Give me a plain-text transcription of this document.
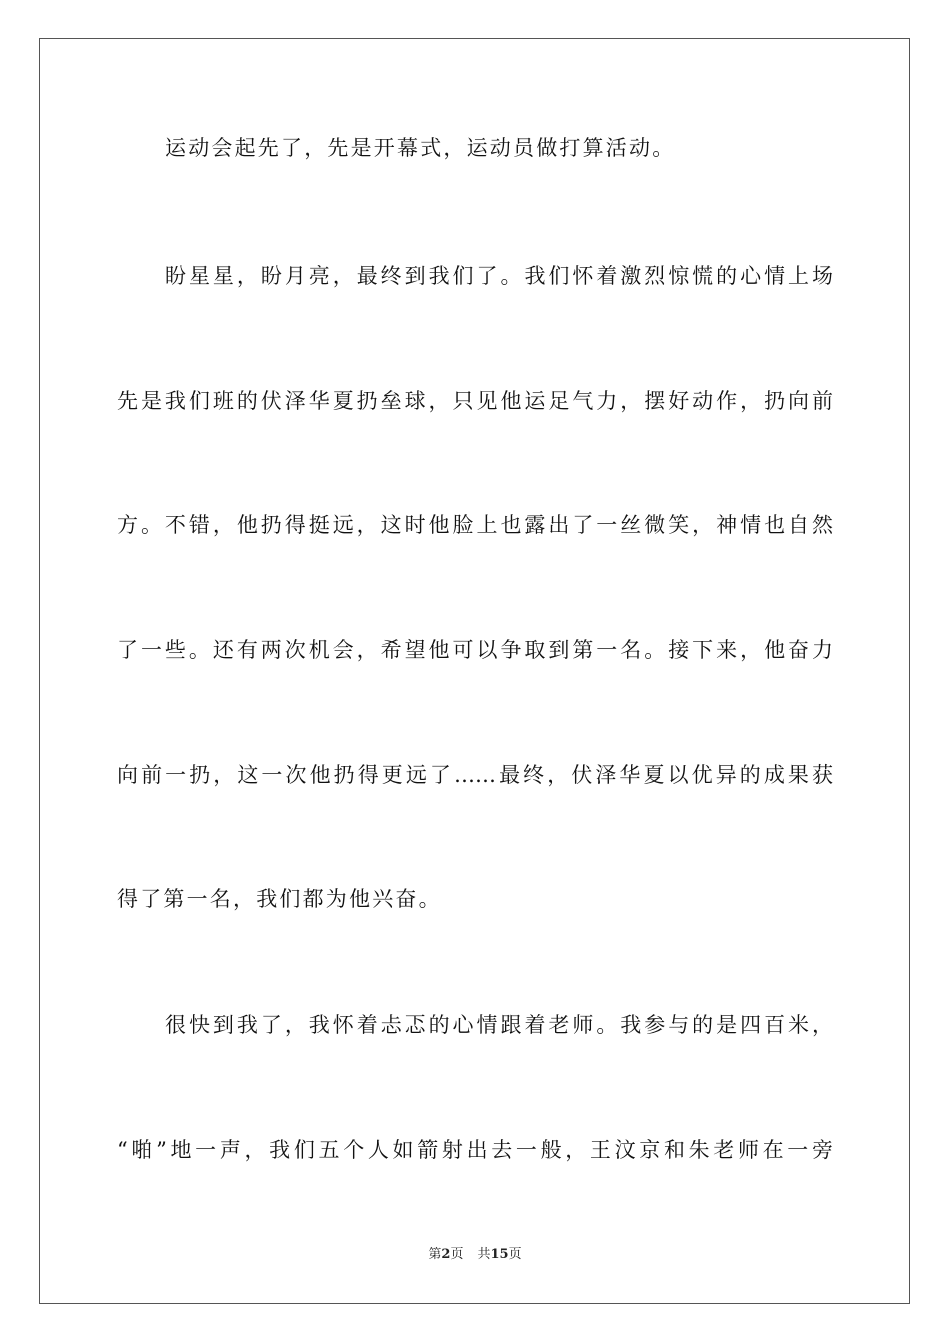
运动会起先了，先是开幕式，运动员做打算活动。
盼星星，盼月亮，最终到我们了。我们怀着激烈惊慌的心情上场
先是我们班的伏泽华夏扔垒球，只见他运足气力，摆好动作，扔向前
方。不错，他扔得挺远，这时他脸上也露出了一丝微笑，神情也自然
了一些。还有两次机会，希望他可以争取到第一名。接下来，他奋力
向前一扔，这一次他扔得更远了……最终，伏泽华夏以优异的成果获
得了第一名，我们都为他兴奋。
很快到我了，我怀着忐忑的心情跟着老师。我参与的是四百米，
“啪”地一声，我们五个人如箭射出去一般，王汶京和朱老师在一旁
第2页 共15页
